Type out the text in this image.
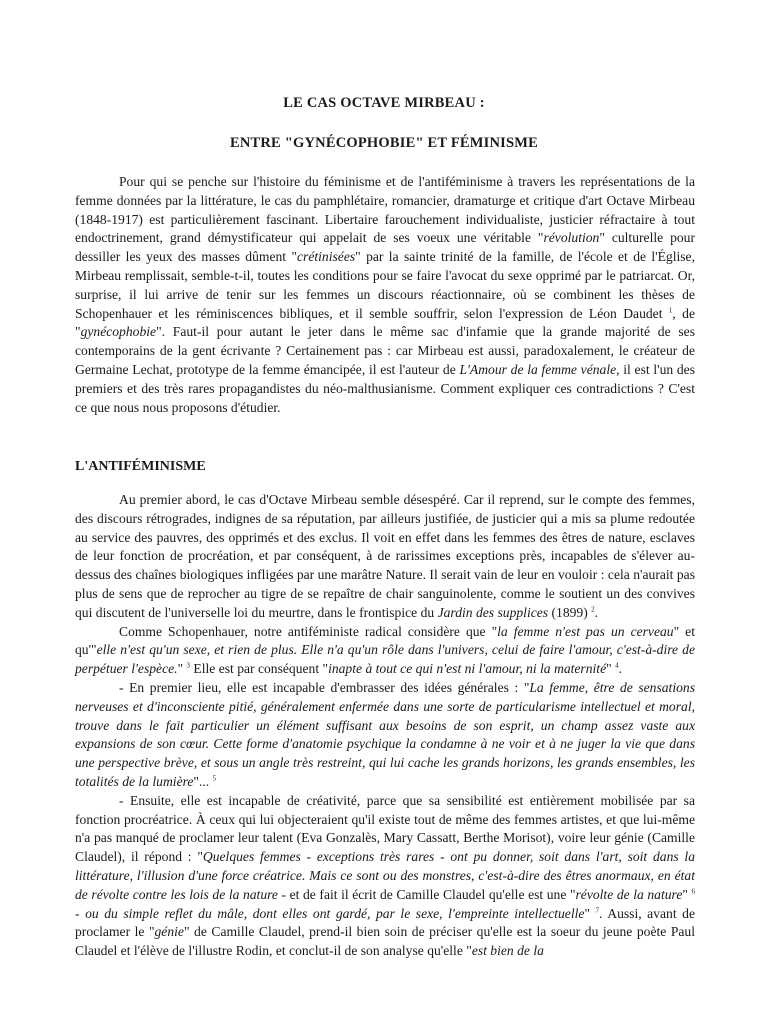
LE CAS OCTAVE MIRBEAU :
ENTRE "GYNÉCOPHOBIE" ET FÉMINISME

Pour qui se penche sur l'histoire du féminisme et de l'antiféminisme à travers les représentations de la femme données par la littérature, le cas du pamphlétaire, romancier, dramaturge et critique d'art Octave Mirbeau (1848-1917) est particulièrement fascinant. Libertaire farouchement individualiste, justicier réfractaire à tout endoctrinement, grand démystificateur qui appelait de ses voeux une véritable "révolution" culturelle pour dessiller les yeux des masses dûment "crétinisées" par la sainte trinité de la famille, de l'école et de l'Église, Mirbeau remplissait, semble-t-il, toutes les conditions pour se faire l'avocat du sexe opprimé par le patriarcat. Or, surprise, il lui arrive de tenir sur les femmes un discours réactionnaire, où se combinent les thèses de Schopenhauer et les réminiscences bibliques, et il semble souffrir, selon l'expression de Léon Daudet $^1$, de "gynécophobie". Faut-il pour autant le jeter dans le même sac d'infamie que la grande majorité de ses contemporains de la gent écrivante ? Certainement pas : car Mirbeau est aussi, paradoxalement, le créateur de Germaine Lechat, prototype de la femme émancipée, il est l'auteur de L'Amour de la femme vénale, il est l'un des premiers et des très rares propagandistes du néo-malthusianisme. Comment expliquer ces contradictions ? C'est ce que nous nous proposons d'étudier.

L'ANTIFÉMINISME

Au premier abord, le cas d'Octave Mirbeau semble désespéré. Car il reprend, sur le compte des femmes, des discours rétrogrades, indignes de sa réputation, par ailleurs justifiée, de justicier qui a mis sa plume redoutée au service des pauvres, des opprimés et des exclus. Il voit en effet dans les femmes des êtres de nature, esclaves de leur fonction de procréation, et par conséquent, à de rarissimes exceptions près, incapables de s'élever au-dessus des chaînes biologiques infligées par une marâtre Nature. Il serait vain de leur en vouloir : cela n'aurait pas plus de sens que de reprocher au tigre de se repaître de chair sanguinolente, comme le soutient un des convives qui discutent de l'universelle loi du meurtre, dans le frontispice du Jardin des supplices (1899) $^2$.

Comme Schopenhauer, notre antiféministe radical considère que "la femme n'est pas un cerveau" et qu'"elle n'est qu'un sexe, et rien de plus. Elle n'a qu'un rôle dans l'univers, celui de faire l'amour, c'est-à-dire de perpétuer l'espèce." $^3$ Elle est par conséquent "inapte à tout ce qui n'est ni l'amour, ni la maternité" $^4$.

- En premier lieu, elle est incapable d'embrasser des idées générales : "La femme, être de sensations nerveuses et d'inconsciente pitié, généralement enfermée dans une sorte de particularisme intellectuel et moral, trouve dans le fait particulier un élément suffisant aux besoins de son esprit, un champ assez vaste aux expansions de son cœur. Cette forme d'anatomie psychique la condamne à ne voir et à ne juger la vie que dans une perspective brève, et sous un angle très restreint, qui lui cache les grands horizons, les grands ensembles, les totalités de la lumière"... $^5$

- Ensuite, elle est incapable de créativité, parce que sa sensibilité est entièrement mobilisée par sa fonction procréatrice. À ceux qui lui objecteraient qu'il existe tout de même des femmes artistes, et que lui-même n'a pas manqué de proclamer leur talent (Eva Gonzalès, Mary Cassatt, Berthe Morisot), voire leur génie (Camille Claudel), il répond : "Quelques femmes - exceptions très rares - ont pu donner, soit dans l'art, soit dans la littérature, l'illusion d'une force créatrice. Mais ce sont ou des monstres, c'est-à-dire des êtres anormaux, en état de révolte contre les lois de la nature - et de fait il écrit de Camille Claudel qu'elle est une "révolte de la nature" $^6$ - ou du simple reflet du mâle, dont elles ont gardé, par le sexe, l'empreinte intellectuelle" $^7$. Aussi, avant de proclamer le "génie" de Camille Claudel, prend-il bien soin de préciser qu'elle est la soeur du jeune poète Paul Claudel et l'élève de l'illustre Rodin, et conclut-il de son analyse qu'elle "est bien de la
